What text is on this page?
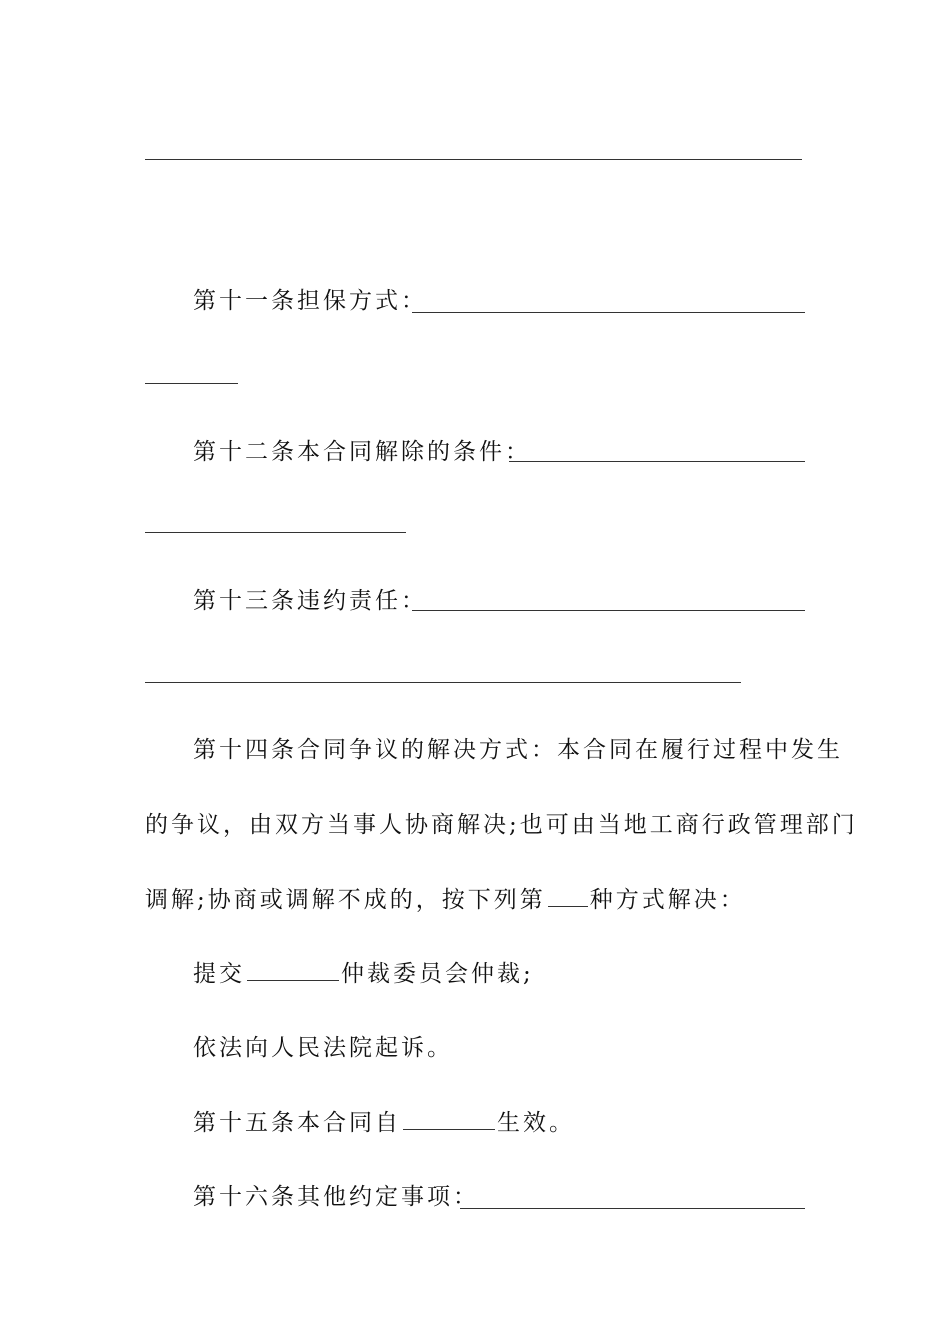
第十一条担保方式：
第十二条本合同解除的条件：
第十三条违约责任：
第十四条合同争议的解决方式：本合同在履行过程中发生
的争议，由双方当事人协商解决;也可由当地工商行政管理部门
调解;协商或调解不成的，按下列第 种方式解决：
提交	仲裁委员会仲裁;
依法向人民法院起诉。
第十五条本合同自	生效。
第十六条其他约定事项：
